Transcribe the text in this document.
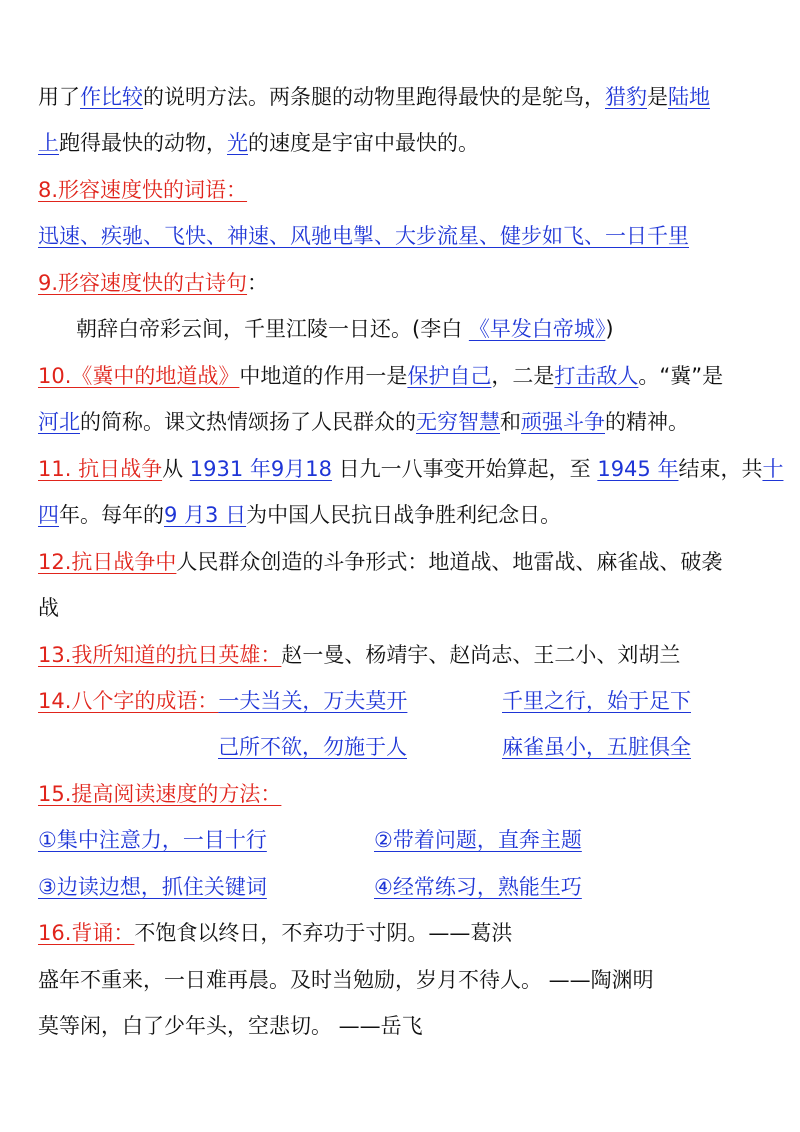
用了作比较的说明方法。两条腿的动物里跑得最快的是鸵鸟，猎豹是陆地
上跑得最快的动物，光的速度是宇宙中最快的。
8.形容速度快的词语：
迅速、疾驰、飞快、神速、风驰电掣、大步流星、健步如飞、一日千里
9.形容速度快的古诗句：
朝辞白帝彩云间，千里江陵一日还。(李白 《早发白帝城》)
10.《冀中的地道战》中地道的作用一是保护自己，二是打击敌人。“冀”是
河北的简称。课文热情颂扬了人民群众的无穷智慧和顽强斗争的精神。
11. 抗日战争从 1931 年9月18 日九一八事变开始算起，至 1945 年结束，共十
四年。每年的9 月3 日为中国人民抗日战争胜利纪念日。
12.抗日战争中人民群众创造的斗争形式：地道战、地雷战、麻雀战、破袭
战
13.我所知道的抗日英雄：赵一曼、杨靖宇、赵尚志、王二小、刘胡兰
14.八个字的成语：一夫当关，万夫莫开	千里之行，始于足下
己所不欲，勿施于人	麻雀虽小，五脏俱全
15.提高阅读速度的方法：
①集中注意力，一目十行	②带着问题，直奔主题
③边读边想，抓住关键词	④经常练习，熟能生巧
16.背诵：不饱食以终日，不弃功于寸阴。——葛洪
盛年不重来，一日难再晨。及时当勉励，岁月不待人。 ——陶渊明
莫等闲，白了少年头，空悲切。 ——岳飞
